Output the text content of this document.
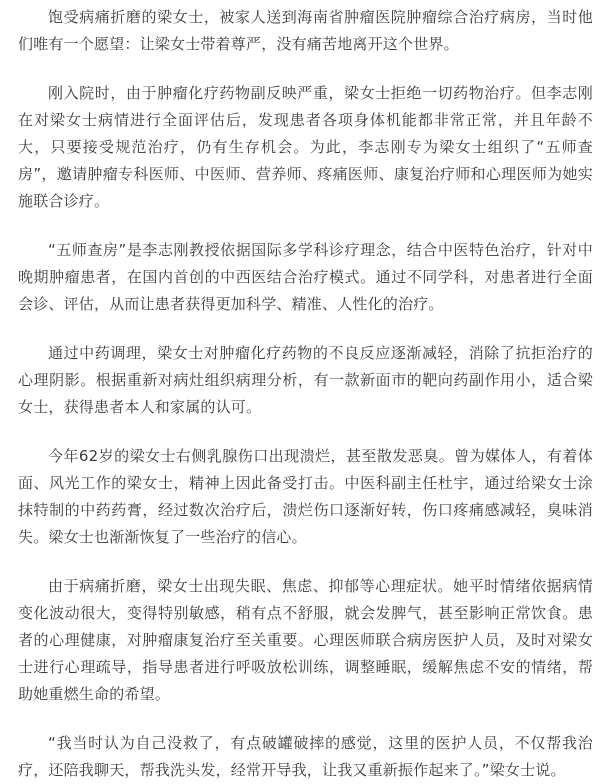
饱受病痛折磨的梁女士，被家人送到海南省肿瘤医院肿瘤综合治疗病房，当时他们唯有一个愿望：让梁女士带着尊严，没有痛苦地离开这个世界。

刚入院时，由于肿瘤化疗药物副反映严重，梁女士拒绝一切药物治疗。但李志刚在对梁女士病情进行全面评估后，发现患者各项身体机能都非常正常，并且年龄不大，只要接受规范治疗，仍有生存机会。为此，李志刚专为梁女士组织了“五师查房”，邀请肿瘤专科医师、中医师、营养师、疼痛医师、康复治疗师和心理医师为她实施联合诊疗。

“五师查房”是李志刚教授依据国际多学科诊疗理念，结合中医特色治疗，针对中晚期肿瘤患者，在国内首创的中西医结合治疗模式。通过不同学科，对患者进行全面会诊、评估，从而让患者获得更加科学、精准、人性化的治疗。

通过中药调理，梁女士对肿瘤化疗药物的不良反应逐渐减轻，消除了抗拒治疗的心理阴影。根据重新对病灶组织病理分析，有一款新面市的靶向药副作用小，适合梁女士，获得患者本人和家属的认可。

今年62岁的梁女士右侧乳腺伤口出现溃烂，甚至散发恶臭。曾为媒体人，有着体面、风光工作的梁女士，精神上因此备受打击。中医科副主任杜宇，通过给梁女士涂抹特制的中药药膏，经过数次治疗后，溃烂伤口逐渐好转，伤口疼痛感减轻，臭味消失。梁女士也渐渐恢复了一些治疗的信心。

由于病痛折磨，梁女士出现失眠、焦虑、抑郁等心理症状。她平时情绪依据病情变化波动很大，变得特别敏感，稍有点不舒服，就会发脾气，甚至影响正常饮食。患者的心理健康，对肿瘤康复治疗至关重要。心理医师联合病房医护人员，及时对梁女士进行心理疏导，指导患者进行呼吸放松训练，调整睡眠，缓解焦虑不安的情绪，帮助她重燃生命的希望。

“我当时认为自己没救了，有点破罐破摔的感觉，这里的医护人员，不仅帮我治疗，还陪我聊天，帮我洗头发，经常开导我，让我又重新振作起来了。”梁女士说。
